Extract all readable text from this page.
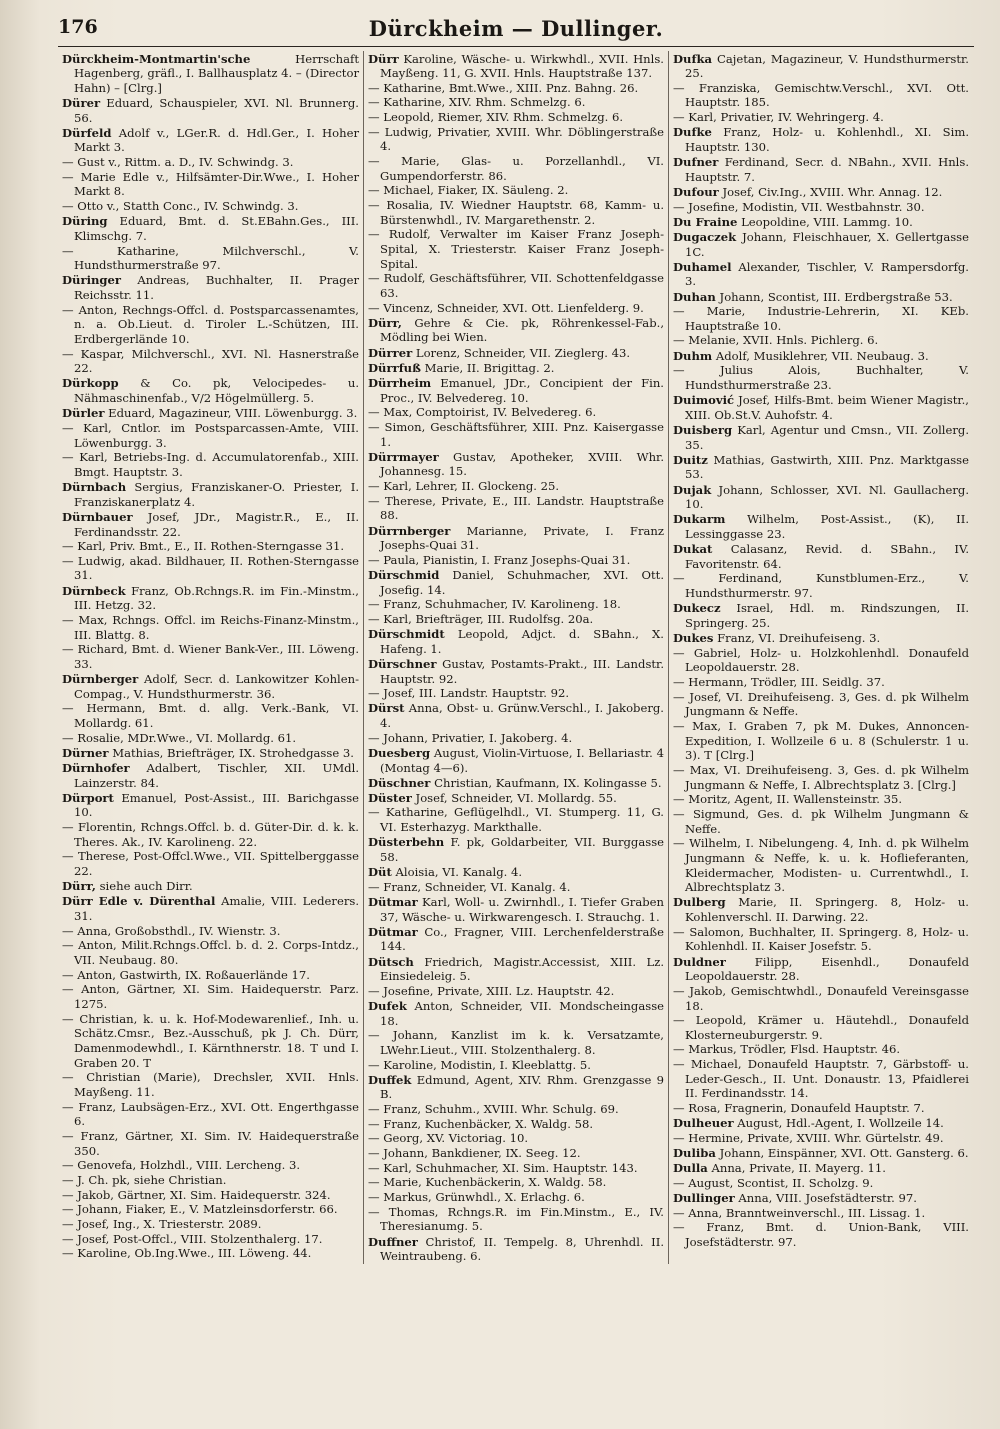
176	Dürckheim — Dullinger.

Dürckheim-Montmartin'sche	Herrschaft Hagenberg, gräfl., I. Ballhausplatz 4. – (Director Hahn) – [Clrg.]

Dürer Eduard, Schauspieler, XVI. Nl. Brunnerg. 56.

Dürfeld Adolf v., LGer.R. d. Hdl.Ger., I. Hoher Markt 3.

— Gust v., Rittm. a. D., IV. Schwindg. 3.

— Marie Edle v., Hilfsämter-Dir.Wwe., I. Hoher Markt 8.

— Otto v., Statth Conc., IV. Schwindg. 3.

Düring Eduard, Bmt. d. St.EBahn.Ges., III. Klimschg. 7.

— Katharine, Milchverschl., V. Hundsthurmerstraße 97.

Düringer Andreas, Buchhalter, II. Prager Reichsstr. 11.

— Anton, Rechngs-Offcl. d. Postsparcassenamtes, n. a. Ob.Lieut. d. Tiroler L.-Schützen, III. Erdbergerlände 10.

— Kaspar, Milchverschl., XVI. Nl. Hasnerstraße 22.

Dürkopp & Co. pk, Velocipedes- u. Nähmaschinenfab., V/2 Högelmüllerg. 5.

Dürler Eduard, Magazineur, VIII. Löwenburgg. 3.

— Karl, Cntlor. im Postsparcassen-Amte, VIII. Löwenburgg. 3.

— Karl, Betriebs-Ing. d. Accumulatorenfab., XIII. Bmgt. Hauptstr. 3.

Dürnbach Sergius, Franziskaner-O. Priester, I. Franziskanerplatz 4.

Dürnbauer Josef, JDr., Magistr.R., E., II. Ferdinandsstr. 22.

— Karl, Priv. Bmt., E., II. Rothen-Sterngasse 31.

— Ludwig, akad. Bildhauer, II. Rothen-Sterngasse 31.

Dürnbeck Franz, Ob.Rchngs.R. im Fin.-Minstm., III. Hetzg. 32.

— Max, Rchngs. Offcl. im Reichs-Finanz-Minstm., III. Blattg. 8.

— Richard, Bmt. d. Wiener Bank-Ver., III. Löweng. 33.

Dürnberger Adolf, Secr. d. Lankowitzer Kohlen-Compag., V. Hundsthurmerstr. 36.

— Hermann, Bmt. d. allg. Verk.-Bank, VI. Mollardg. 61.

— Rosalie, MDr.Wwe., VI. Mollardg. 61.

Dürner Mathias, Briefträger, IX. Strohedgasse 3.

Dürnhofer Adalbert, Tischler, XII. UMdl. Lainzerstr. 84.

Dürport Emanuel, Post-Assist., III. Barichgasse 10.

— Florentin, Rchngs.Offcl. b. d. Güter-Dir. d. k. k. Theres. Ak., IV. Karolineng. 22.

— Therese, Post-Offcl.Wwe., VII. Spittelberggasse 22.

Dürr, siehe auch Dirr.

Dürr Edle v. Dürenthal Amalie, VIII. Lederers. 31.

— Anna, Großobsthdl., IV. Wienstr. 3.

— Anton, Milit.Rchngs.Offcl. b. d. 2. Corps-Intdz., VII. Neubaug. 80.

— Anton, Gastwirth, IX. Roßauerlände 17.

— Anton, Gärtner, XI. Sim. Haidequerstr. Parz. 1275.

— Christian, k. u. k. Hof-Modewarenlief., Inh. u. Schätz.Cmsr., Bez.-Ausschuß, pk J. Ch. Dürr, Damenmodewhdl., I. Kärnthnerstr. 18. T und I. Graben 20. T

— Christian (Marie), Drechsler, XVII. Hnls. Mayßeng. 11.

— Franz, Laubsägen-Erz., XVI. Ott. Engerthgasse 6.

— Franz, Gärtner, XI. Sim. IV. Haidequerstraße 350.

— Genovefa, Holzhdl., VIII. Lercheng. 3.

— J. Ch. pk, siehe Christian.

— Jakob, Gärtner, XI. Sim. Haidequerstr. 324.

— Johann, Fiaker, E., V. Matzleinsdorferstr. 66.

— Josef, Ing., X. Triesterstr. 2089.

— Josef, Post-Offcl., VIII. Stolzenthalerg. 17.

— Karoline, Ob.Ing.Wwe., III. Löweng. 44.

Dürr Karoline, Wäsche- u. Wirkwhdl., XVII. Hnls. Mayßeng. 11, G. XVII. Hnls. Hauptstraße 137.

— Katharine, Bmt.Wwe., XIII. Pnz. Bahng. 26.

— Katharine, XIV. Rhm. Schmelzg. 6.

— Leopold, Riemer, XIV. Rhm. Schmelzg. 6.

— Ludwig, Privatier, XVIII. Whr. Döblingerstraße 4.

— Marie, Glas- u. Porzellanhdl., VI. Gumpendorferstr. 86.

— Michael, Fiaker, IX. Säuleng. 2.

— Rosalia, IV. Wiedner Hauptstr. 68, Kamm- u. Bürstenwhdl., IV. Margarethenstr. 2.

— Rudolf, Verwalter im Kaiser Franz Joseph-Spital, X. Triesterstr. Kaiser Franz Joseph-Spital.

— Rudolf, Geschäftsführer, VII. Schottenfeldgasse 63.

— Vincenz, Schneider, XVI. Ott. Lienfelderg. 9.

Dürr, Gehre & Cie. pk, Röhrenkessel-Fab., Mödling bei Wien.

Dürrer Lorenz, Schneider, VII. Zieglerg. 43.

Dürrfuß Marie, II. Brigittag. 2.

Dürrheim Emanuel, JDr., Concipient der Fin. Proc., IV. Belvedereg. 10.

— Max, Comptoirist, IV. Belvedereg. 6.

— Simon, Geschäftsführer, XIII. Pnz. Kaisergasse 1.

Dürrmayer Gustav, Apotheker, XVIII. Whr. Johannesg. 15.

— Karl, Lehrer, II. Glockeng. 25.

— Therese, Private, E., III. Landstr. Hauptstraße 88.

Dürrnberger Marianne, Private, I. Franz Josephs-Quai 31.

— Paula, Pianistin, I. Franz Josephs-Quai 31.

Dürschmid Daniel, Schuhmacher, XVI. Ott. Josefig. 14.

— Franz, Schuhmacher, IV. Karolineng. 18.

— Karl, Briefträger, III. Rudolfsg. 20a.

Dürschmidt Leopold, Adjct. d. SBahn., X. Hafeng. 1.

Dürschner Gustav, Postamts-Prakt., III. Landstr. Hauptstr. 92.

— Josef, III. Landstr. Hauptstr. 92.

Dürst Anna, Obst- u. Grünw.Verschl., I. Jakoberg. 4.

— Johann, Privatier, I. Jakoberg. 4.

Duesberg August, Violin-Virtuose, I. Bellariastr. 4 (Montag 4—6).

Düschner Christian, Kaufmann, IX. Kolingasse 5.

Düster Josef, Schneider, VI. Mollardg. 55.

— Katharine, Geflügelhdl., VI. Stumperg. 11, G. VI. Esterhazyg. Markthalle.

Düsterbehn F. pk, Goldarbeiter, VII. Burggasse 58.

Düt Aloisia, VI. Kanalg. 4.

— Franz, Schneider, VI. Kanalg. 4.

Dütmar Karl, Woll- u. Zwirnhdl., I. Tiefer Graben 37, Wäsche- u. Wirkwarengesch. I. Strauchg. 1.

Dütmar Co., Fragner, VIII. Lerchenfelderstraße 144.

Dütsch Friedrich, Magistr.Accessist, XIII. Lz. Einsiedeleig. 5.

— Josefine, Private, XIII. Lz. Hauptstr. 42.

Dufek Anton, Schneider, VII. Mondscheingasse 18.

— Johann, Kanzlist im k. k. Versatzamte, LWehr.Lieut., VIII. Stolzenthalerg. 8.

— Karoline, Modistin, I. Kleeblattg. 5.

Duffek Edmund, Agent, XIV. Rhm. Grenzgasse 9 B.

— Franz, Schuhm., XVIII. Whr. Schulg. 69.

— Franz, Kuchenbäcker, X. Waldg. 58.

— Georg, XV. Victoriag. 10.

— Johann, Bankdiener, IX. Seeg. 12.

— Karl, Schuhmacher, XI. Sim. Hauptstr. 143.

— Marie, Kuchenbäckerin, X. Waldg. 58.

— Markus, Grünwhdl., X. Erlachg. 6.

— Thomas, Rchngs.R. im Fin.Minstm., E., IV. Theresianumg. 5.

Duffner Christof, II. Tempelg. 8, Uhrenhdl. II. Weintraubeng. 6.

Dufka Cajetan, Magazineur, V. Hundsthurmerstr. 25.

— Franziska, Gemischtw.Verschl., XVI. Ott. Hauptstr. 185.

— Karl, Privatier, IV. Wehringerg. 4.

Dufke Franz, Holz- u. Kohlenhdl., XI. Sim. Hauptstr. 130.

Dufner Ferdinand, Secr. d. NBahn., XVII. Hnls. Hauptstr. 7.

Dufour Josef, Civ.Ing., XVIII. Whr. Annag. 12.

— Josefine, Modistin, VII. Westbahnstr. 30.

Du Fraine Leopoldine, VIII. Lammg. 10.

Dugaczek Johann, Fleischhauer, X. Gellertgasse 1C.

Duhamel Alexander, Tischler, V. Rampersdorfg. 3.

Duhan Johann, Scontist, III. Erdbergstraße 53.

— Marie, Industrie-Lehrerin, XI. KEb. Hauptstraße 10.

— Melanie, XVII. Hnls. Pichlerg. 6.

Duhm Adolf, Musiklehrer, VII. Neubaug. 3.

— Julius Alois, Buchhalter, V. Hundsthurmerstraße 23.

Duimović Josef, Hilfs-Bmt. beim Wiener Magistr., XIII. Ob.St.V. Auhofstr. 4.

Duisberg Karl, Agentur und Cmsn., VII. Zollerg. 35.

Duitz Mathias, Gastwirth, XIII. Pnz. Marktgasse 53.

Dujak Johann, Schlosser, XVI. Nl. Gaullacherg. 10.

Dukarm Wilhelm, Post-Assist., (K), II. Lessinggasse 23.

Dukat Calasanz, Revid. d. SBahn., IV. Favoritenstr. 64.

— Ferdinand, Kunstblumen-Erz., V. Hundsthurmerstr. 97.

Dukecz Israel, Hdl. m. Rindszungen, II. Springerg. 25.

Dukes Franz, VI. Dreihufeiseng. 3.

— Gabriel, Holz- u. Holzkohlenhdl. Donaufeld Leopoldauerstr. 28.

— Hermann, Trödler, III. Seidlg. 37.

— Josef, VI. Dreihufeiseng. 3, Ges. d. pk Wilhelm Jungmann & Neffe.

— Max, I. Graben 7, pk M. Dukes, Annoncen-Expedition, I. Wollzeile 6 u. 8 (Schulerstr. 1 u. 3). T [Clrg.]

— Max, VI. Dreihufeiseng. 3, Ges. d. pk Wilhelm Jungmann & Neffe, I. Albrechtsplatz 3. [Clrg.]

— Moritz, Agent, II. Wallensteinstr. 35.

— Sigmund, Ges. d. pk Wilhelm Jungmann & Neffe.

— Wilhelm, I. Nibelungeng. 4, Inh. d. pk Wilhelm Jungmann & Neffe, k. u. k. Hoflieferanten, Kleidermacher, Modisten- u. Currentwhdl., I. Albrechtsplatz 3.

Dulberg Marie, II. Springerg. 8, Holz- u. Kohlenverschl. II. Darwing. 22.

— Salomon, Buchhalter, II. Springerg. 8, Holz- u. Kohlenhdl. II. Kaiser Josefstr. 5.

Duldner Filipp, Eisenhdl., Donaufeld Leopoldauerstr. 28.

— Jakob, Gemischtwhdl., Donaufeld Vereinsgasse 18.

— Leopold, Krämer u. Häutehdl., Donaufeld Klosterneuburgerstr. 9.

— Markus, Trödler, Flsd. Hauptstr. 46.

— Michael, Donaufeld Hauptstr. 7, Gärbstoff- u. Leder-Gesch., II. Unt. Donaustr. 13, Pfaidlerei II. Ferdinandsstr. 14.

— Rosa, Fragnerin, Donaufeld Hauptstr. 7.

Dulheuer August, Hdl.-Agent, I. Wollzeile 14.

— Hermine, Private, XVIII. Whr. Gürtelstr. 49.

Duliba Johann, Einspänner, XVI. Ott. Gansterg. 6.

Dulla Anna, Private, II. Mayerg. 11.

— August, Scontist, II. Scholzg. 9.

Dullinger Anna, VIII. Josefstädterstr. 97.

— Anna, Branntweinverschl., III. Lissag. 1.

— Franz, Bmt. d. Union-Bank, VIII. Josefstädterstr. 97.
